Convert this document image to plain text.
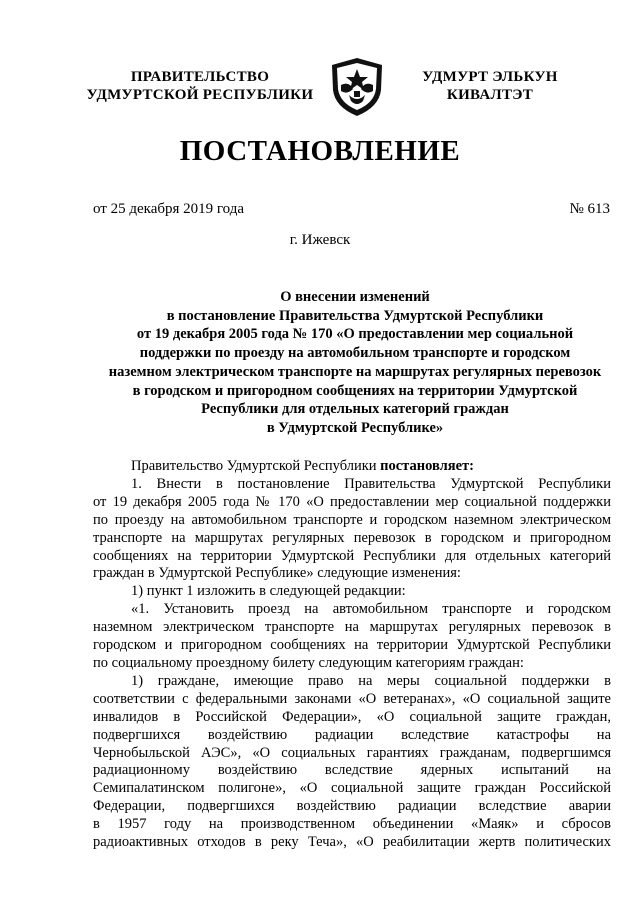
ПРАВИТЕЛЬСТВО
УДМУРТСКОЙ РЕСПУБЛИКИ
УДМУРТ ЭЛЬКУН
КИВАЛТЭТ
ПОСТАНОВЛЕНИЕ
от 25 декабря 2019 года	№ 613
г. Ижевск
О внесении изменений
в постановление Правительства Удмуртской Республики
от 19 декабря 2005 года № 170 «О предоставлении мер социальной
поддержки по проезду на автомобильном транспорте и городском
наземном электрическом транспорте на маршрутах регулярных перевозок
в городском и пригородном сообщениях на территории Удмуртской
Республики для отдельных категорий граждан
в Удмуртской Республике»

Правительство Удмуртской Республики постановляет:

1. Внести в постановление Правительства Удмуртской Республики
от 19 декабря 2005 года № 170 «О предоставлении мер социальной поддержки
по проезду на автомобильном транспорте и городском наземном электрическом
транспорте на маршрутах регулярных перевозок в городском и пригородном
сообщениях на территории Удмуртской Республики для отдельных категорий
граждан в Удмуртской Республике» следующие изменения:

1) пункт 1 изложить в следующей редакции:

«1. Установить проезд на автомобильном транспорте и городском
наземном электрическом транспорте на маршрутах регулярных перевозок в
городском и пригородном сообщениях на территории Удмуртской Республики
по социальному проездному билету следующим категориям граждан:
1) граждане, имеющие право на меры социальной поддержки в
соответствии с федеральными законами «О ветеранах», «О социальной защите
инвалидов в Российской Федерации», «О социальной защите граждан,
подвергшихся воздействию радиации вследствие катастрофы на
Чернобыльской АЭС», «О социальных гарантиях гражданам, подвергшимся
радиационному воздействию вследствие ядерных испытаний на
Семипалатинском полигоне», «О социальной защите граждан Российской
Федерации, подвергшихся воздействию радиации вследствие аварии
в 1957 году на производственном объединении «Маяк» и сбросов
радиоактивных отходов в реку Теча», «О реабилитации жертв политических
